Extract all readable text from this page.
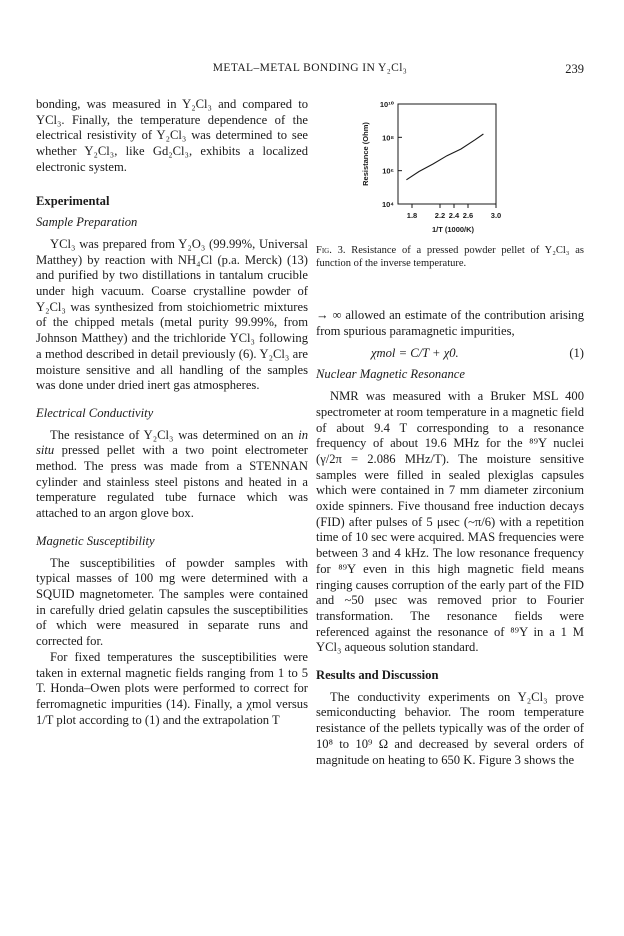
METAL–METAL BONDING IN Y₂Cl₃	239

bonding, was measured in Y₂Cl₃ and compared to YCl₃. Finally, the temperature dependence of the electrical resistivity of Y₂Cl₃ was determined to see whether Y₂Cl₃, like Gd₂Cl₃, exhibits a localized electronic system.

Experimental

Sample Preparation

YCl₃ was prepared from Y₂O₃ (99.99%, Universal Matthey) by reaction with NH₄Cl (p.a. Merck) (13) and purified by two distillations in tantalum crucible under high vacuum. Coarse crystalline powder of Y₂Cl₃ was synthesized from stoichiometric mixtures of the chipped metals (metal purity 99.99%, from Johnson Matthey) and the trichloride YCl₃ following a method described in detail previously (6). Y₂Cl₃ are moisture sensitive and all handling of the samples was done under dried inert gas atmospheres.

Electrical Conductivity

The resistance of Y₂Cl₃ was determined on an in situ pressed pellet with a two point electrometer method. The press was made from a STENNAN cylinder and stainless steel pistons and heated in a temperature regulated tube furnace which was attached to an argon glove box.

Magnetic Susceptibility

The susceptibilities of powder samples with typical masses of 100 mg were determined with a SQUID magnetometer. The samples were contained in carefully dried gelatin capsules the susceptibilities of which were measured in separate runs and corrected for.

For fixed temperatures the susceptibilities were taken in external magnetic fields ranging from 1 to 5 T. Honda–Owen plots were performed to correct for ferromagnetic impurities (14). Finally, a χmol versus 1/T plot according to (1) and the extrapolation T

1.8 2.2 2.4 2.6 3.0
10¹⁰
10⁸
10⁶
10⁴
1/T (1000/K)
Resistance (Ohm)
Fig. 3. Resistance of a pressed powder pellet of Y₂Cl₃ as function of the inverse temperature.

→ ∞ allowed an estimate of the contribution arising from spurious paramagnetic impurities,

χmol = C/T + χ0.	(1)

Nuclear Magnetic Resonance

NMR was measured with a Bruker MSL 400 spectrometer at room temperature in a magnetic field of about 9.4 T corresponding to a resonance frequency of about 19.6 MHz for the ⁸⁹Y nuclei (γ/2π = 2.086 MHz/T). The moisture sensitive samples were filled in sealed plexiglas capsules which were contained in 7 mm diameter zirconium oxide spinners. Five thousand free induction decays (FID) after pulses of 5 μsec (~π/6) with a repetition time of 10 sec were acquired. MAS frequencies were between 3 and 4 kHz. The low resonance frequency for ⁸⁹Y even in this high magnetic field means ringing causes corruption of the early part of the FID and ~50 μsec was removed prior to Fourier transformation. The resonance fields were referenced against the resonance of ⁸⁹Y in a 1 M YCl₃ aqueous solution standard.

Results and Discussion

The conductivity experiments on Y₂Cl₃ prove semiconducting behavior. The room temperature resistance of the pellets typically was of the order of 10⁸ to 10⁹ Ω and decreased by several orders of magnitude on heating to 650 K. Figure 3 shows the
